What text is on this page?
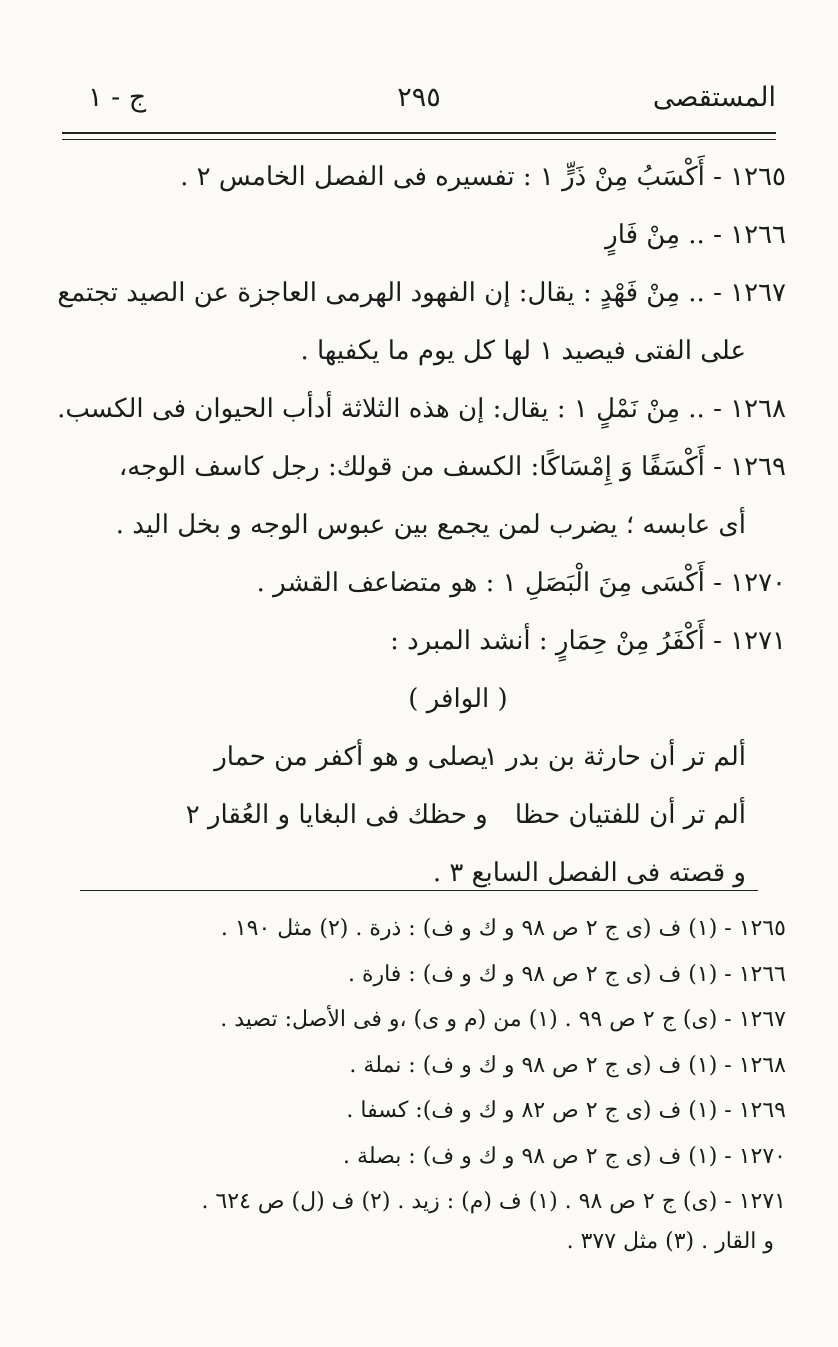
المستقصى
٢٩٥
ج - ١
١٢٦٥ - أَكْسَبُ مِنْ ذَرٍّ ١ : تفسيره فى الفصل الخامس ٢ .
١٢٦٦ - .. مِنْ فَارٍ
١٢٦٧ - .. مِنْ فَهْدٍ : يقال: إن الفهود الهرمى العاجزة عن الصيد تجتمع
على الفتى فيصيد ١ لها كل يوم ما يكفيها .
١٢٦٨ - .. مِنْ نَمْلٍ ١ : يقال: إن هذه الثلاثة أدأب الحيوان فى الكسب.
١٢٦٩ - أَكْسَفًا وَ إِمْسَاكًا: الكسف من قولك: رجل كاسف الوجه،
أى عابسه ؛ يضرب لمن يجمع بين عبوس الوجه و بخل اليد .
١٢٧٠ - أَكْسَى مِنَ الْبَصَلِ ١ : هو متضاعف القشر .
١٢٧١ - أَكْفَرُ مِنْ حِمَارٍ : أنشد المبرد :
( الوافر )
ألم تر أن حارثة بن بدر ١ يصلى و هو أكفر من حمار
ألم تر أن للفتيان حظا و حظك فى البغايا و العُقار ٢
و قصته فى الفصل السابع ٣ .
١٢٦٥ - (١) ف (ى ج ٢ ص ٩٨ و ك و ف) : ذرة . (٢) مثل ١٩٠ .
١٢٦٦ - (١) ف (ى ج ٢ ص ٩٨ و ك و ف) : فارة .
١٢٦٧ - (ى) ج ٢ ص ٩٩ . (١) من (م و ى) ،و فى الأصل: تصيد .
١٢٦٨ - (١) ف (ى ج ٢ ص ٩٨ و ك و ف) : نملة .
١٢٦٩ - (١) ف (ى ج ٢ ص ٨٢ و ك و ف): كسفا .
١٢٧٠ - (١) ف (ى ج ٢ ص ٩٨ و ك و ف) : بصلة .
١٢٧١ - (ى) ج ٢ ص ٩٨ . (١) ف (م) : زيد . (٢) ف (ل) ص ٦٢٤ .
و القار . (٣) مثل ٣٧٧ .
